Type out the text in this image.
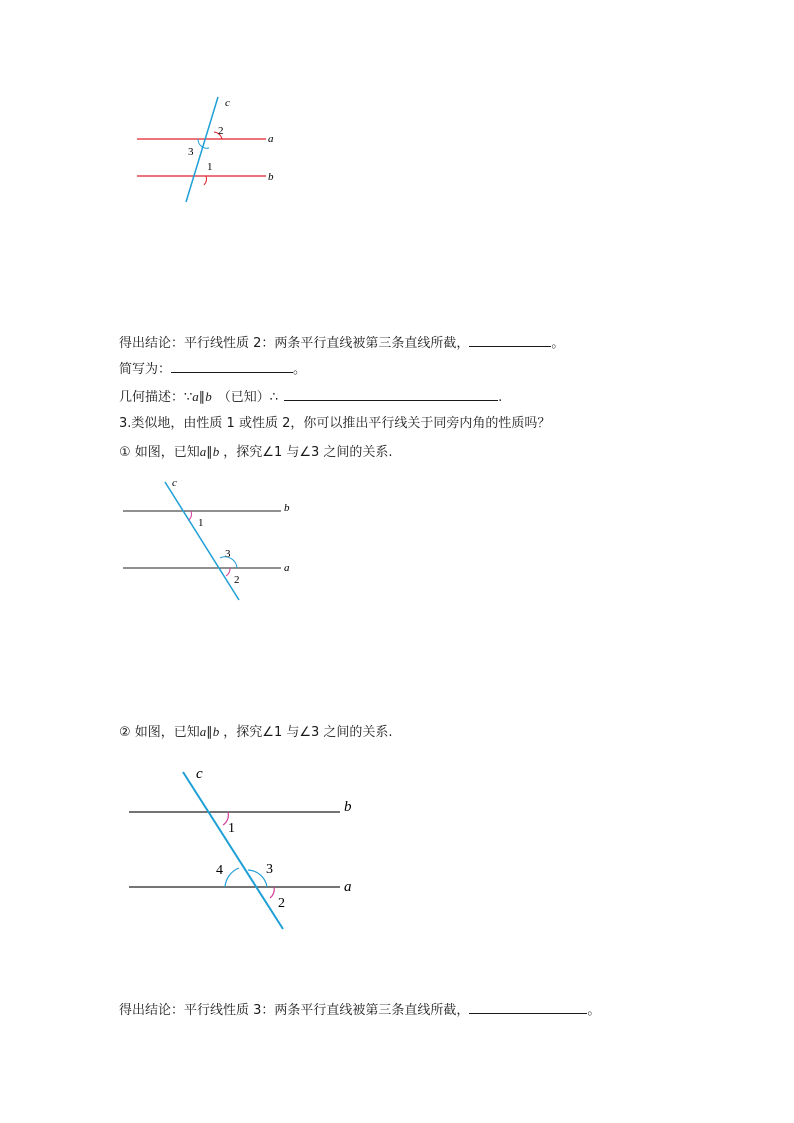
c
a
b
2
3
1
得出结论：平行线性质 2：两条平行直线被第三条直线所截，	。
简写为：	。
几何描述：∵a∥b （已知）∴	.
3.类似地，由性质 1 或性质 2，你可以推出平行线关于同旁内角的性质吗？
① 如图，已知a∥b ，探究∠1 与∠3 之间的关系.
c
b
a
1
3
2
② 如图，已知a∥b ，探究∠1 与∠3 之间的关系.
c
b
a
1
4	3
2
得出结论：平行线性质 3：两条平行直线被第三条直线所截，	。
